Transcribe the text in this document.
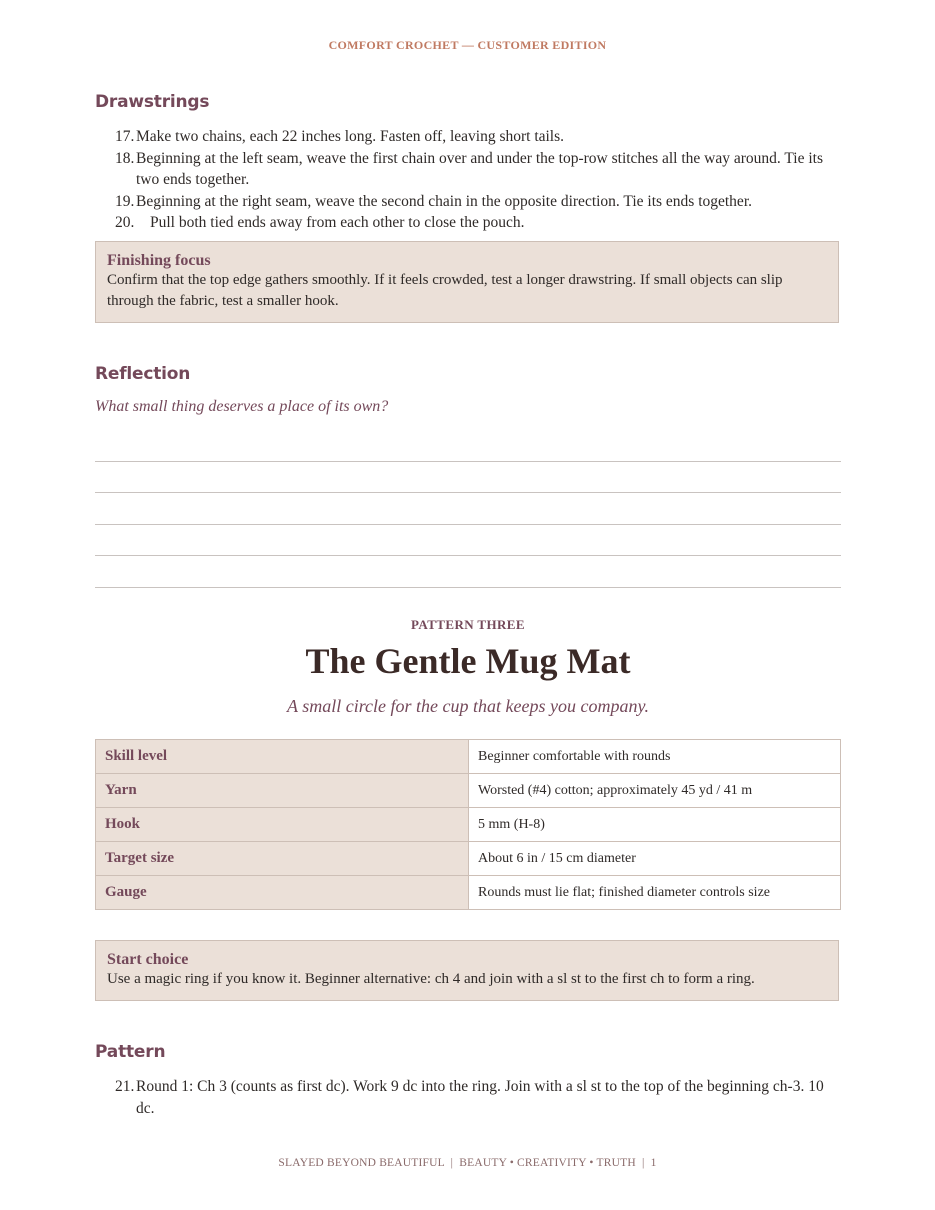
COMFORT CROCHET — CUSTOMER EDITION
Drawstrings
17. Make two chains, each 22 inches long. Fasten off, leaving short tails.
18. Beginning at the left seam, weave the first chain over and under the top-row stitches all the way around. Tie its two ends together.
19. Beginning at the right seam, weave the second chain in the opposite direction. Tie its ends together.
20. Pull both tied ends away from each other to close the pouch.
Finishing focus
Confirm that the top edge gathers smoothly. If it feels crowded, test a longer drawstring. If small objects can slip through the fabric, test a smaller hook.
Reflection
What small thing deserves a place of its own?
PATTERN THREE
The Gentle Mug Mat
A small circle for the cup that keeps you company.
Skill level	Beginner comfortable with rounds
Yarn	Worsted (#4) cotton; approximately 45 yd / 41 m
Hook	5 mm (H-8)
Target size	About 6 in / 15 cm diameter
Gauge	Rounds must lie flat; finished diameter controls size
Start choice
Use a magic ring if you know it. Beginner alternative: ch 4 and join with a sl st to the first ch to form a ring.
Pattern
21. Round 1: Ch 3 (counts as first dc). Work 9 dc into the ring. Join with a sl st to the top of the beginning ch-3. 10 dc.
SLAYED BEYOND BEAUTIFUL  |  BEAUTY • CREATIVITY • TRUTH  |  1
